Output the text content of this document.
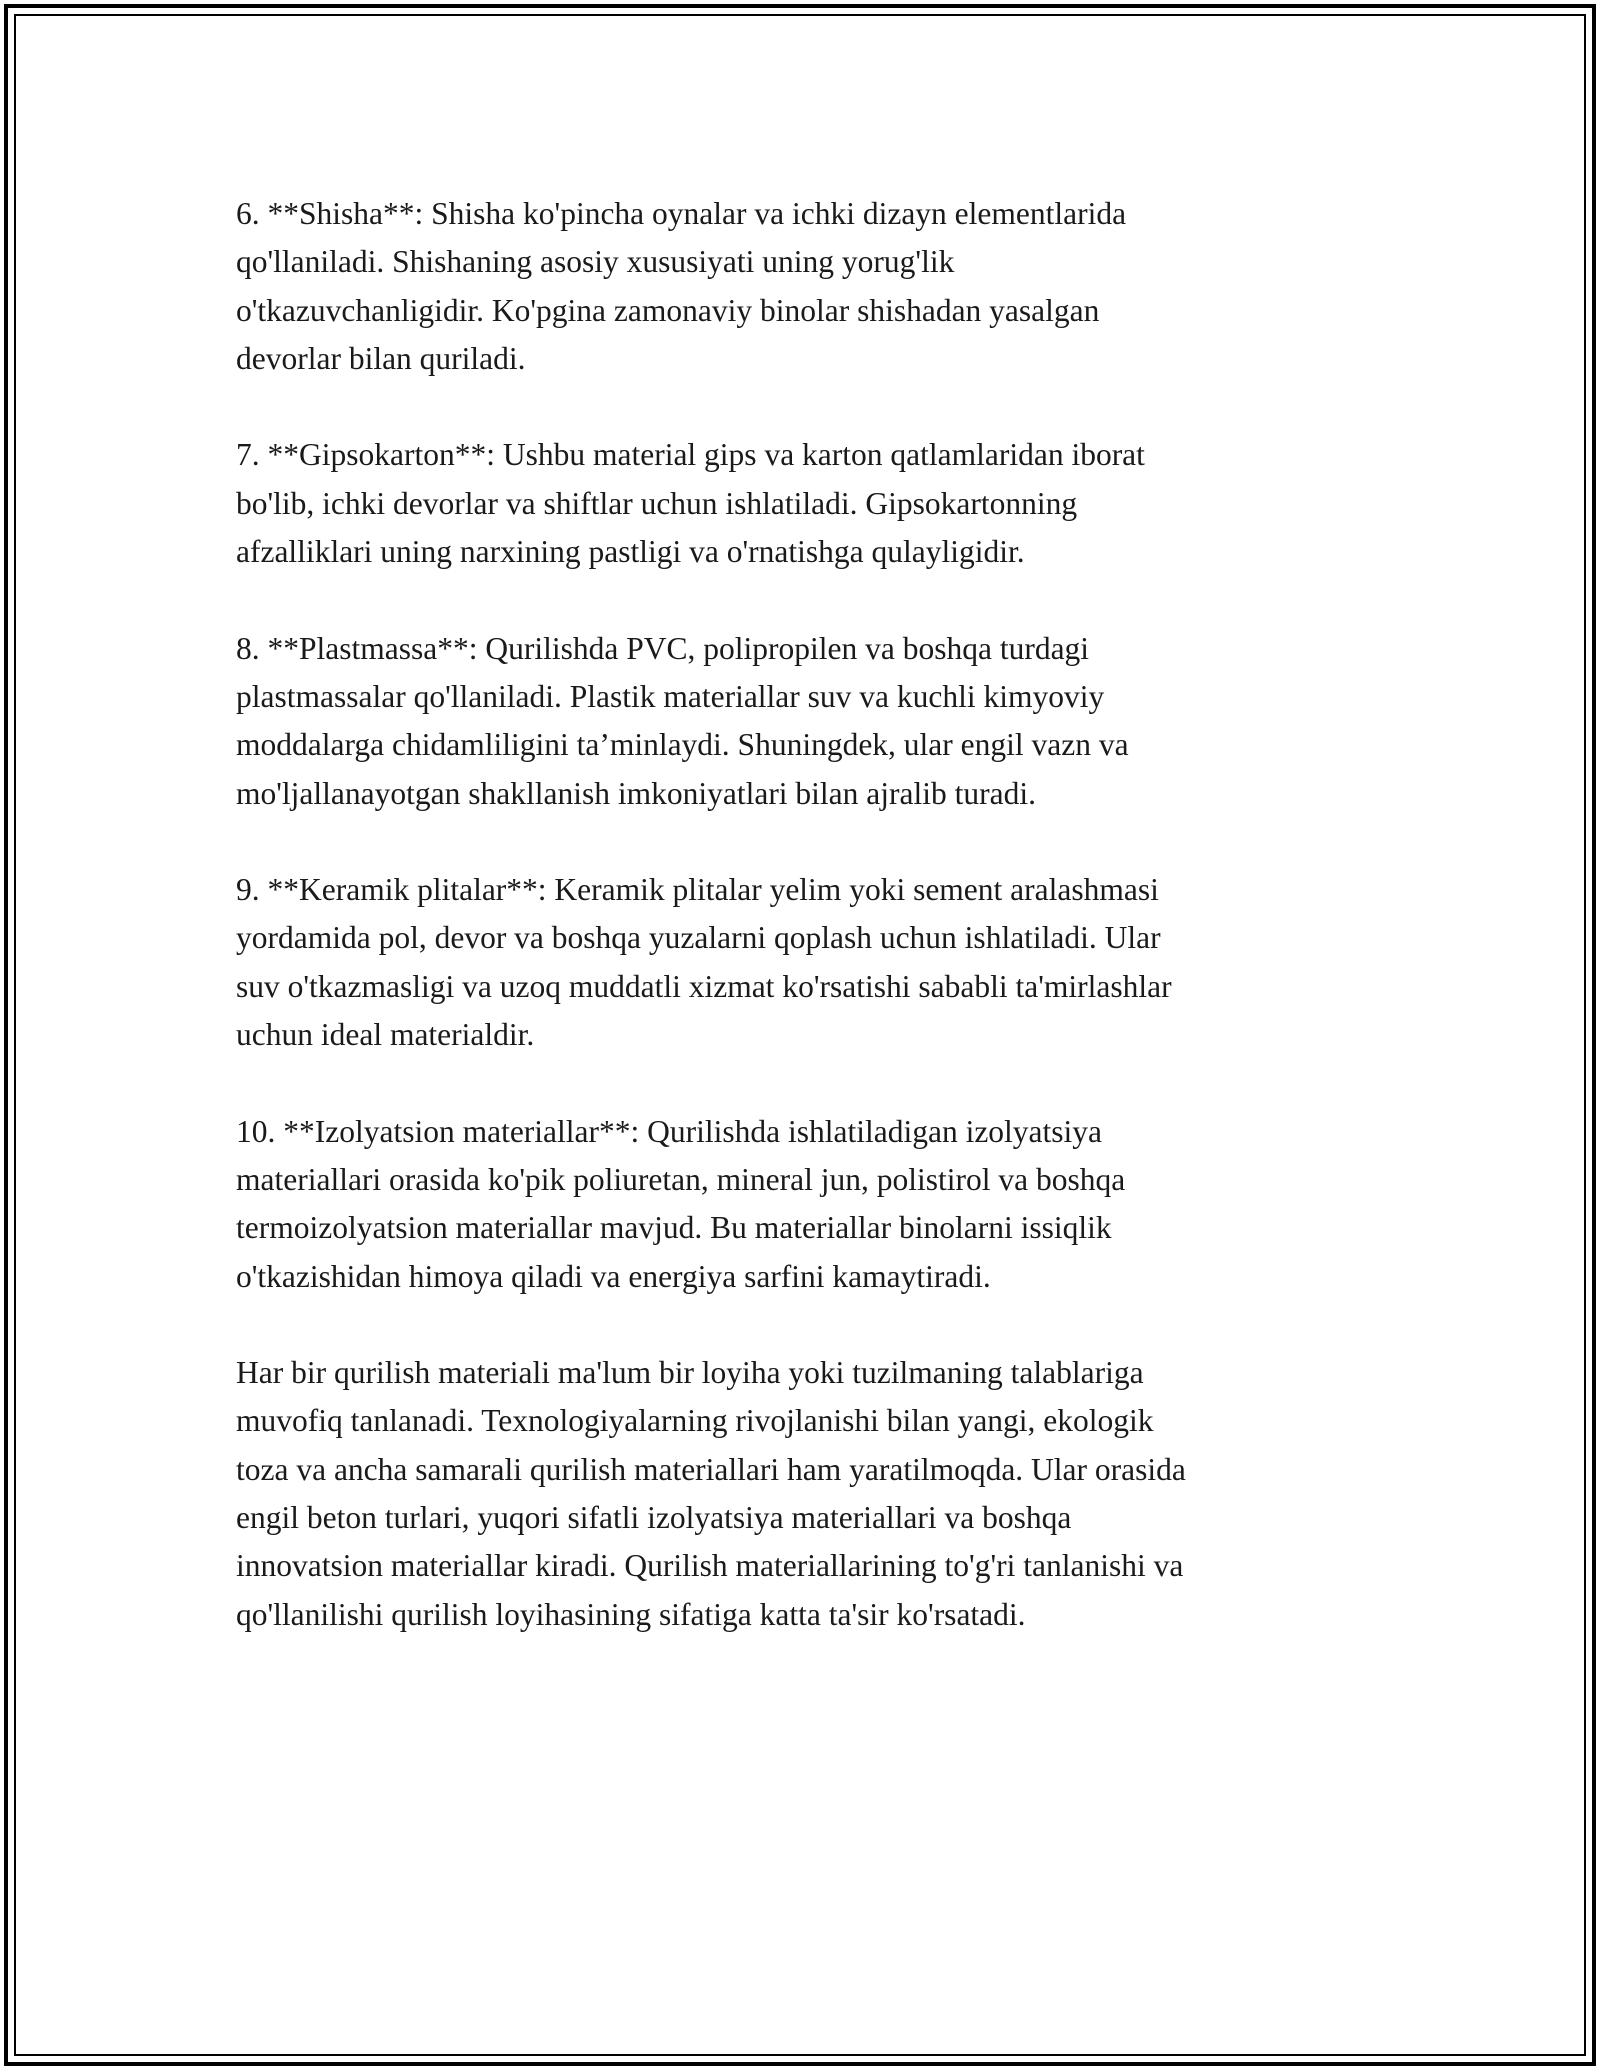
6. **Shisha**: Shisha ko'pincha oynalar va ichki dizayn elementlarida
qo'llaniladi. Shishaning asosiy xususiyati uning yorug'lik
o'tkazuvchanligidir. Ko'pgina zamonaviy binolar shishadan yasalgan
devorlar bilan quriladi.

7. **Gipsokarton**: Ushbu material gips va karton qatlamlaridan iborat
bo'lib, ichki devorlar va shiftlar uchun ishlatiladi. Gipsokartonning
afzalliklari uning narxining pastligi va o'rnatishga qulayligidir.

8. **Plastmassa**: Qurilishda PVC, polipropilen va boshqa turdagi
plastmassalar qo'llaniladi. Plastik materiallar suv va kuchli kimyoviy
moddalarga chidamliligini ta’minlaydi. Shuningdek, ular engil vazn va
mo'ljallanayotgan shakllanish imkoniyatlari bilan ajralib turadi.

9. **Keramik plitalar**: Keramik plitalar yelim yoki sement aralashmasi
yordamida pol, devor va boshqa yuzalarni qoplash uchun ishlatiladi. Ular
suv o'tkazmasligi va uzoq muddatli xizmat ko'rsatishi sababli ta'mirlashlar
uchun ideal materialdir.

10. **Izolyatsion materiallar**: Qurilishda ishlatiladigan izolyatsiya
materiallari orasida ko'pik poliuretan, mineral jun, polistirol va boshqa
termoizolyatsion materiallar mavjud. Bu materiallar binolarni issiqlik
o'tkazishidan himoya qiladi va energiya sarfini kamaytiradi.

Har bir qurilish materiali ma'lum bir loyiha yoki tuzilmaning talablariga
muvofiq tanlanadi. Texnologiyalarning rivojlanishi bilan yangi, ekologik
toza va ancha samarali qurilish materiallari ham yaratilmoqda. Ular orasida
engil beton turlari, yuqori sifatli izolyatsiya materiallari va boshqa
innovatsion materiallar kiradi. Qurilish materiallarining to'g'ri tanlanishi va
qo'llanilishi qurilish loyihasining sifatiga katta ta'sir ko'rsatadi.
